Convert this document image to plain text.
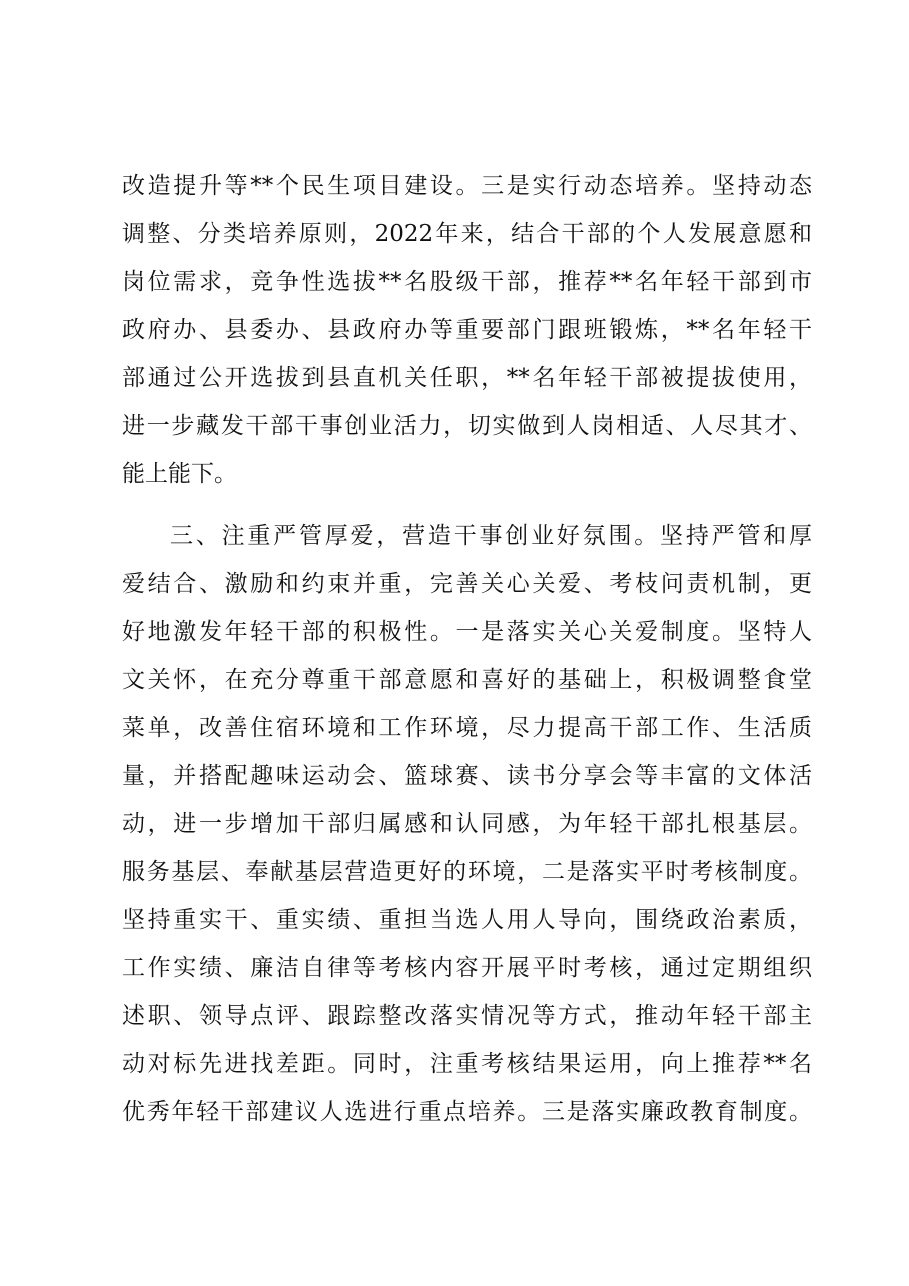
改造提升等**个民生项目建设。三是实行动态培养。坚持动态
调整、分类培养原则，2022年来，结合干部的个人发展意愿和
岗位需求，竞争性选拔**名股级干部，推荐**名年轻干部到市
政府办、县委办、县政府办等重要部门跟班锻炼，**名年轻干
部通过公开选拔到县直机关任职，**名年轻干部被提拔使用，
进一步藏发干部干事创业活力，切实做到人岗相适、人尽其才、
能上能下。
三、注重严管厚爱，营造干事创业好氛围。坚持严管和厚
爱结合、激励和约束并重，完善关心关爱、考枝问责机制，更
好地激发年轻干部的积极性。一是落实关心关爱制度。坚特人
文关怀，在充分尊重干部意愿和喜好的基础上，积极调整食堂
菜单，改善住宿环境和工作环境，尽力提高干部工作、生活质
量，并搭配趣味运动会、篮球赛、读书分享会等丰富的文体活
动，进一步增加干部归属感和认同感，为年轻干部扎根基层。
服务基层、奉献基层营造更好的环境，二是落实平时考核制度。
坚持重实干、重实绩、重担当选人用人导向，围绕政治素质，
工作实绩、廉洁自律等考核内容开展平时考核，通过定期组织
述职、领导点评、跟踪整改落实情况等方式，推动年轻干部主
动对标先进找差距。同时，注重考核结果运用，向上推荐**名
优秀年轻干部建议人选进行重点培养。三是落实廉政教育制度。
